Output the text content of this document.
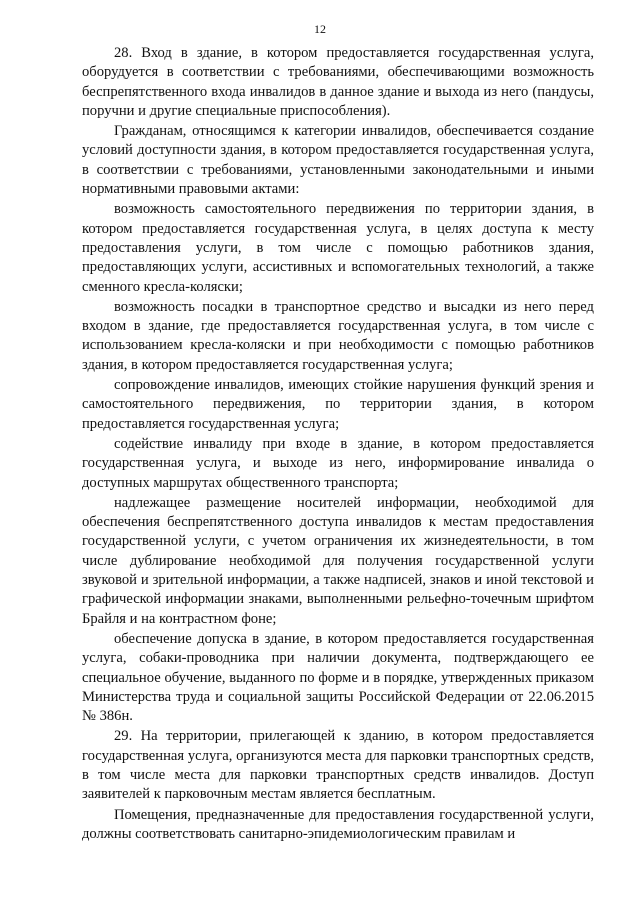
12

28. Вход в здание, в котором предоставляется государственная услуга, оборудуется в соответствии с требованиями, обеспечивающими возможность беспрепятственного входа инвалидов в данное здание и выхода из него (пандусы, поручни и другие специальные приспособления).

Гражданам, относящимся к категории инвалидов, обеспечивается создание условий доступности здания, в котором предоставляется государственная услуга, в соответствии с требованиями, установленными законодательными и иными нормативными правовыми актами:

возможность самостоятельного передвижения по территории здания, в котором предоставляется государственная услуга, в целях доступа к месту предоставления услуги, в том числе с помощью работников здания, предоставляющих услуги, ассистивных и вспомогательных технологий, а также сменного кресла-коляски;

возможность посадки в транспортное средство и высадки из него перед входом в здание, где предоставляется государственная услуга, в том числе с использованием кресла-коляски и при необходимости с помощью работников здания, в котором предоставляется государственная услуга;

сопровождение инвалидов, имеющих стойкие нарушения функций зрения и самостоятельного передвижения, по территории здания, в котором предоставляется государственная услуга;

содействие инвалиду при входе в здание, в котором предоставляется государственная услуга, и выходе из него, информирование инвалида о доступных маршрутах общественного транспорта;

надлежащее размещение носителей информации, необходимой для обеспечения беспрепятственного доступа инвалидов к местам предоставления государственной услуги, с учетом ограничения их жизнедеятельности, в том числе дублирование необходимой для получения государственной услуги звуковой и зрительной информации, а также надписей, знаков и иной текстовой и графической информации знаками, выполненными рельефно-точечным шрифтом Брайля и на контрастном фоне;

обеспечение допуска в здание, в котором предоставляется государственная услуга, собаки-проводника при наличии документа, подтверждающего ее специальное обучение, выданного по форме и в порядке, утвержденных приказом Министерства труда и социальной защиты Российской Федерации от 22.06.2015 № 386н.

29. На территории, прилегающей к зданию, в котором предоставляется государственная услуга, организуются места для парковки транспортных средств, в том числе места для парковки транспортных средств инвалидов. Доступ заявителей к парковочным местам является бесплатным.

Помещения, предназначенные для предоставления государственной услуги, должны соответствовать санитарно-эпидемиологическим правилам и
